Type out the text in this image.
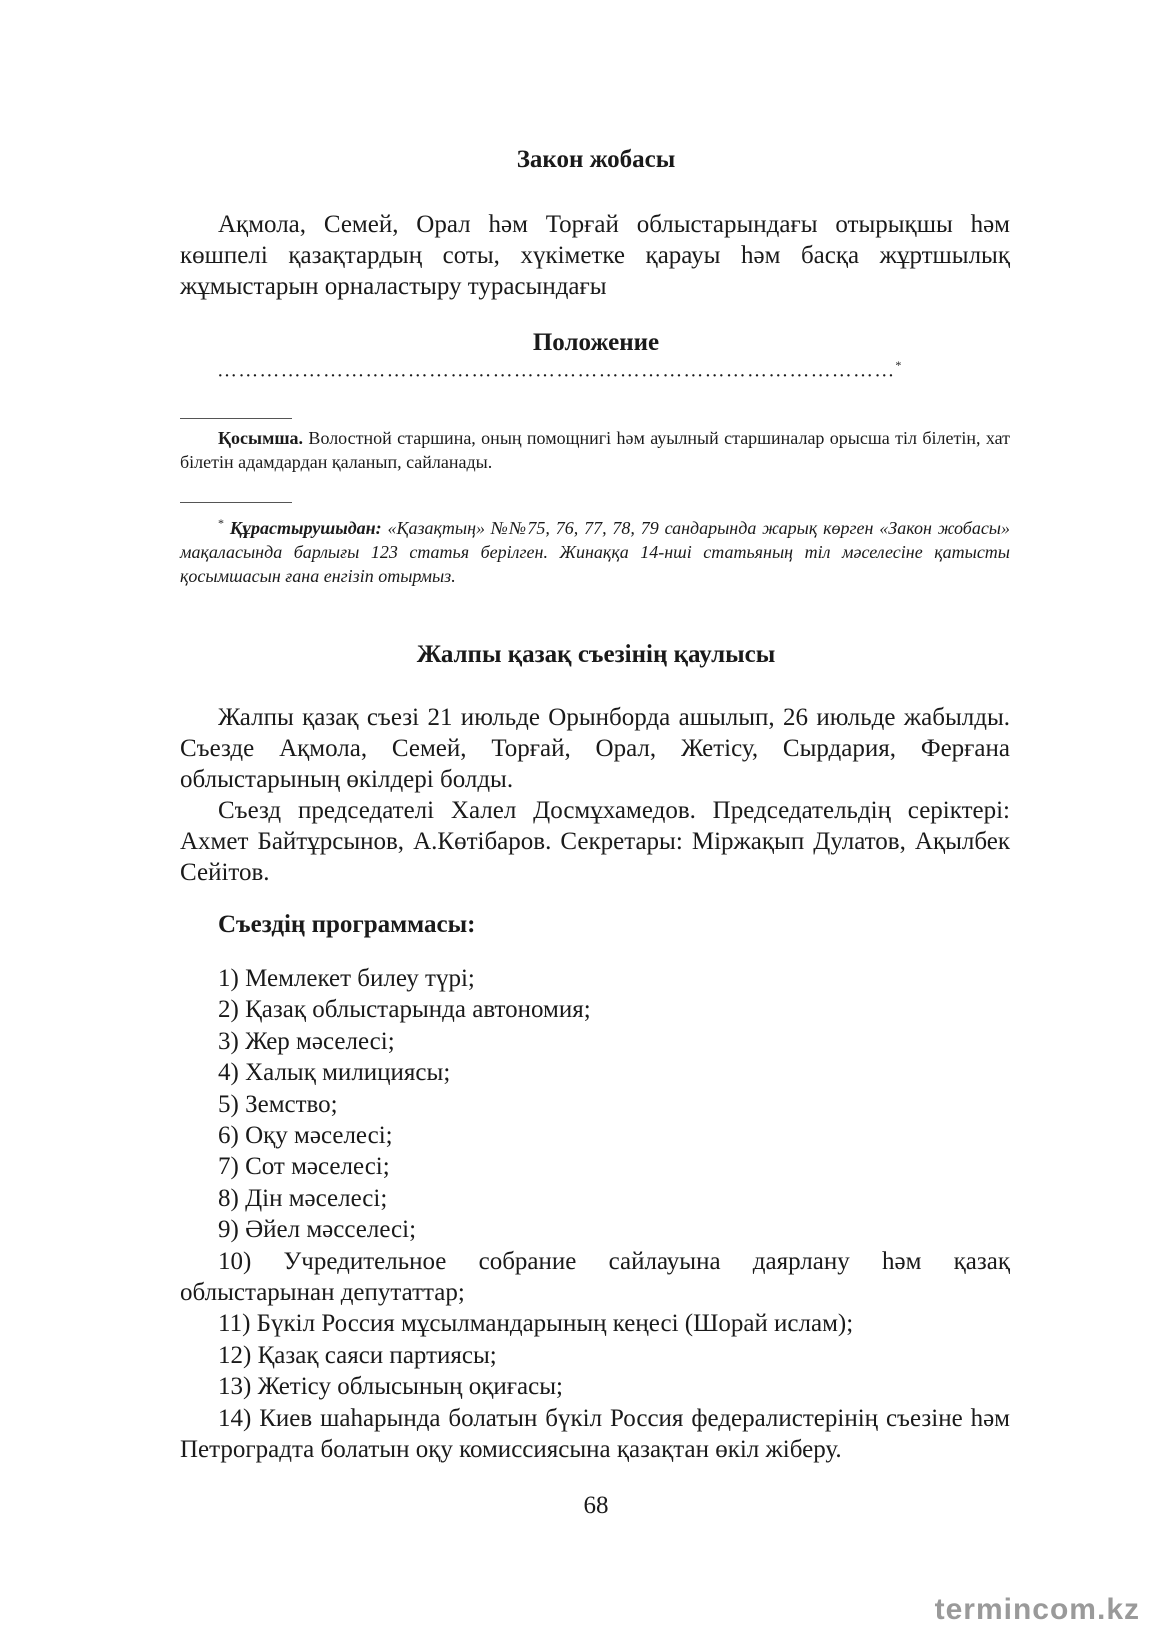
Закон жобасы
Ақмола, Семей, Орал һәм Торғай облыстарындағы отырықшы һәм көшпелі қазақтардың соты, хүкіметке қарауы һәм басқа жұртшылық жұмыстарын орналастыру турасындағы
Положение
……………………………………………………………………………………*
Қосымша. Волостной старшина, оның помощнигі һәм ауылный старшиналар орысша тіл білетін, хат білетін адамдардан қаланып, сайланады.
* Құрастырушыдан: «Қазақтың» №№75, 76, 77, 78, 79 сандарында жарық көрген «Закон жобасы» мақаласында барлығы 123 статья берілген. Жинаққа 14-нші статьяның тіл мәселесіне қатысты қосымшасын ғана енгізіп отырмыз.
Жалпы қазақ съезінің қаулысы
Жалпы қазақ съезі 21 июльде Орынборда ашылып, 26 июльде жабылды. Съезде Ақмола, Семей, Торғай, Орал, Жетісу, Сырдария, Ферғана облыстарының өкілдері болды.
Съезд председателі Халел Досмұхамедов. Председательдің серіктері: Ахмет Байтұрсынов, А.Көтібаров. Секретары: Міржақып Дулатов, Ақылбек Сейітов.
Съездің программасы:
1) Мемлекет билеу түрі;
2) Қазақ облыстарында автономия;
3) Жер мәселесі;
4) Халық милициясы;
5) Земство;
6) Оқу мәселесі;
7) Сот мәселесі;
8) Дін мәселесі;
9) Әйел мәсселесі;
10) Учредительное собрание сайлауына даярлану һәм қазақ облыстарынан депутаттар;
11) Бүкіл Россия мұсылмандарының кеңесі (Шорай ислам);
12) Қазақ саяси партиясы;
13) Жетісу облысының оқиғасы;
14) Киев шаһарында болатын бүкіл Россия федералистерінің съезіне һәм Петроградта болатын оқу комиссиясына қазақтан өкіл жіберу.
68
termincom.kz
